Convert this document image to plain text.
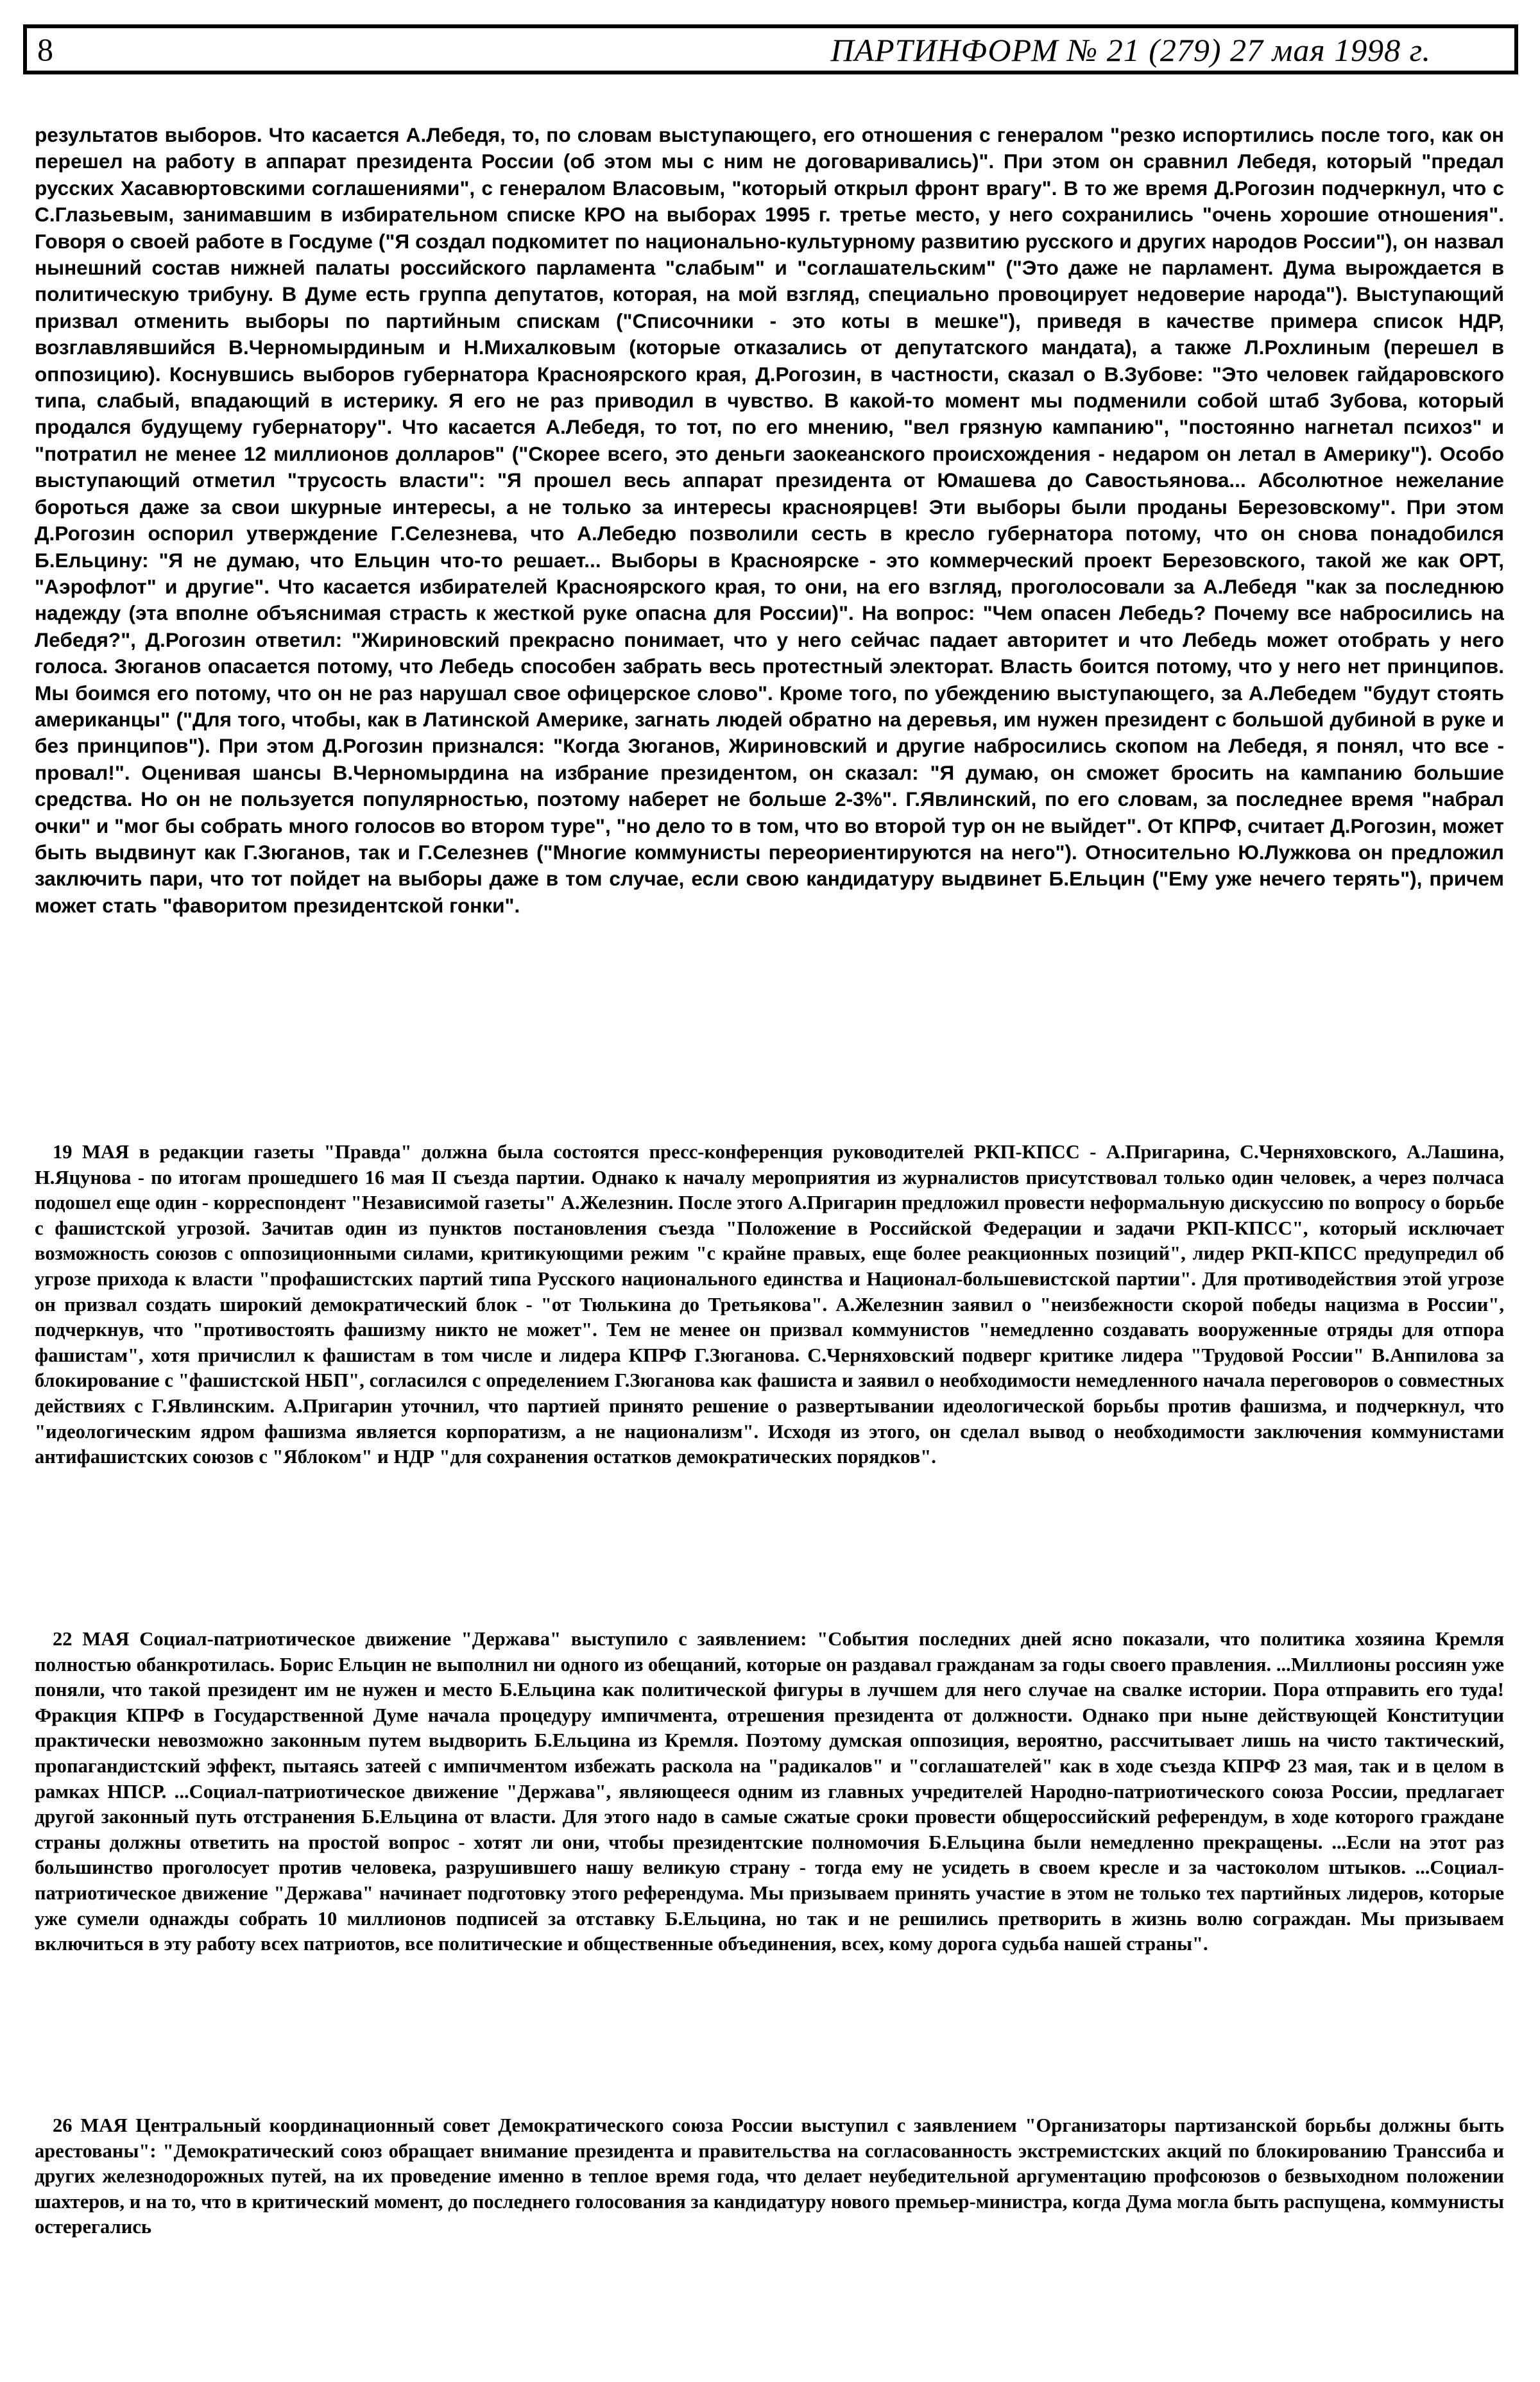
8	ПАРТИНФОРМ № 21 (279) 27 мая 1998 г.

результатов выборов. Что касается А.Лебедя, то, по словам выступающего, его отношения с генералом "резко испортились после того, как он перешел на работу в аппарат президента России (об этом мы с ним не договаривались)". При этом он сравнил Лебедя, который "предал русских Хасавюртовскими соглашениями", с генералом Власовым, "который открыл фронт врагу". В то же время Д.Рогозин подчеркнул, что с С.Глазьевым, занимавшим в избирательном списке КРО на выборах 1995 г. третье место, у него сохранились "очень хорошие отношения". Говоря о своей работе в Госдуме ("Я создал подкомитет по национально-культурному развитию русского и других народов России"), он назвал нынешний состав нижней палаты российского парламента "слабым" и "соглашательским" ("Это даже не парламент. Дума вырождается в политическую трибуну. В Думе есть группа депутатов, которая, на мой взгляд, специально провоцирует недоверие народа"). Выступающий призвал отменить выборы по партийным спискам ("Списочники - это коты в мешке"), приведя в качестве примера список НДР, возглавлявшийся В.Черномырдиным и Н.Михалковым (которые отказались от депутатского мандата), а также Л.Рохлиным (перешел в оппозицию). Коснувшись выборов губернатора Красноярского края, Д.Рогозин, в частности, сказал о В.Зубове: "Это человек гайдаровского типа, слабый, впадающий в истерику. Я его не раз приводил в чувство. В какой-то момент мы подменили собой штаб Зубова, который продался будущему губернатору". Что касается А.Лебедя, то тот, по его мнению, "вел грязную кампанию", "постоянно нагнетал психоз" и "потратил не менее 12 миллионов долларов" ("Скорее всего, это деньги заокеанского происхождения - недаром он летал в Америку"). Особо выступающий отметил "трусость власти": "Я прошел весь аппарат президента от Юмашева до Савостьянова... Абсолютное нежелание бороться даже за свои шкурные интересы, а не только за интересы красноярцев! Эти выборы были проданы Березовскому". При этом Д.Рогозин оспорил утверждение Г.Селезнева, что А.Лебедю позволили сесть в кресло губернатора потому, что он снова понадобился Б.Ельцину: "Я не думаю, что Ельцин что-то решает... Выборы в Красноярске - это коммерческий проект Березовского, такой же как ОРТ, "Аэрофлот" и другие". Что касается избирателей Красноярского края, то они, на его взгляд, проголосовали за А.Лебедя "как за последнюю надежду (эта вполне объяснимая страсть к жесткой руке опасна для России)". На вопрос: "Чем опасен Лебедь? Почему все набросились на Лебедя?", Д.Рогозин ответил: "Жириновский прекрасно понимает, что у него сейчас падает авторитет и что Лебедь может отобрать у него голоса. Зюганов опасается потому, что Лебедь способен забрать весь протестный электорат. Власть боится потому, что у него нет принципов. Мы боимся его потому, что он не раз нарушал свое офицерское слово". Кроме того, по убеждению выступающего, за А.Лебедем "будут стоять американцы" ("Для того, чтобы, как в Латинской Америке, загнать людей обратно на деревья, им нужен президент с большой дубиной в руке и без принципов"). При этом Д.Рогозин признался: "Когда Зюганов, Жириновский и другие набросились скопом на Лебедя, я понял, что все - провал!". Оценивая шансы В.Черномырдина на избрание президентом, он сказал: "Я думаю, он сможет бросить на кампанию большие средства. Но он не пользуется популярностью, поэтому наберет не больше 2-3%". Г.Явлинский, по его словам, за последнее время "набрал очки" и "мог бы собрать много голосов во втором туре", "но дело то в том, что во второй тур он не выйдет". От КПРФ, считает Д.Рогозин, может быть выдвинут как Г.Зюганов, так и Г.Селезнев ("Многие коммунисты переориентируются на него"). Относительно Ю.Лужкова он предложил заключить пари, что тот пойдет на выборы даже в том случае, если свою кандидатуру выдвинет Б.Ельцин ("Ему уже нечего терять"), причем может стать "фаворитом президентской гонки".

19 МАЯ в редакции газеты "Правда" должна была состоятся пресс-конференция руководителей РКП-КПСС - А.Пригарина, С.Черняховского, А.Лашина, Н.Яцунова - по итогам прошедшего 16 мая II съезда партии. Однако к началу мероприятия из журналистов присутствовал только один человек, а через полчаса подошел еще один - корреспондент "Независимой газеты" А.Железнин. После этого А.Пригарин предложил провести неформальную дискуссию по вопросу о борьбе с фашистской угрозой. Зачитав один из пунктов постановления съезда "Положение в Российской Федерации и задачи РКП-КПСС", который исключает возможность союзов с оппозиционными силами, критикующими режим "с крайне правых, еще более реакционных позиций", лидер РКП-КПСС предупредил об угрозе прихода к власти "профашистских партий типа Русского национального единства и Национал-большевистской партии". Для противодействия этой угрозе он призвал создать широкий демократический блок - "от Тюлькина до Третьякова". А.Железнин заявил о "неизбежности скорой победы нацизма в России", подчеркнув, что "противостоять фашизму никто не может". Тем не менее он призвал коммунистов "немедленно создавать вооруженные отряды для отпора фашистам", хотя причислил к фашистам в том числе и лидера КПРФ Г.Зюганова. С.Черняховский подверг критике лидера "Трудовой России" В.Анпилова за блокирование с "фашистской НБП", согласился с определением Г.Зюганова как фашиста и заявил о необходимости немедленного начала переговоров о совместных действиях с Г.Явлинским. А.Пригарин уточнил, что партией принято решение о развертывании идеологической борьбы против фашизма, и подчеркнул, что "идеологическим ядром фашизма является корпоратизм, а не национализм". Исходя из этого, он сделал вывод о необходимости заключения коммунистами антифашистских союзов с "Яблоком" и НДР "для сохранения остатков демократических порядков".

22 МАЯ Социал-патриотическое движение "Держава" выступило с заявлением: "События последних дней ясно показали, что политика хозяина Кремля полностью обанкротилась. Борис Ельцин не выполнил ни одного из обещаний, которые он раздавал гражданам за годы своего правления. ...Миллионы россиян уже поняли, что такой президент им не нужен и место Б.Ельцина как политической фигуры в лучшем для него случае на свалке истории. Пора отправить его туда! Фракция КПРФ в Государственной Думе начала процедуру импичмента, отрешения президента от должности. Однако при ныне действующей Конституции практически невозможно законным путем выдворить Б.Ельцина из Кремля. Поэтому думская оппозиция, вероятно, рассчитывает лишь на чисто тактический, пропагандистский эффект, пытаясь затеей с импичментом избежать раскола на "радикалов" и "соглашателей" как в ходе съезда КПРФ 23 мая, так и в целом в рамках НПСР. ...Социал-патриотическое движение "Держава", являющееся одним из главных учредителей Народно-патриотического союза России, предлагает другой законный путь отстранения Б.Ельцина от власти. Для этого надо в самые сжатые сроки провести общероссийский референдум, в ходе которого граждане страны должны ответить на простой вопрос - хотят ли они, чтобы президентские полномочия Б.Ельцина были немедленно прекращены. ...Если на этот раз большинство проголосует против человека, разрушившего нашу великую страну - тогда ему не усидеть в своем кресле и за частоколом штыков. ...Социал-патриотическое движение "Держава" начинает подготовку этого референдума. Мы призываем принять участие в этом не только тех партийных лидеров, которые уже сумели однажды собрать 10 миллионов подписей за отставку Б.Ельцина, но так и не решились претворить в жизнь волю сограждан. Мы призываем включиться в эту работу всех патриотов, все политические и общественные объединения, всех, кому дорога судьба нашей страны".

26 МАЯ Центральный координационный совет Демократического союза России выступил с заявлением "Организаторы партизанской борьбы должны быть арестованы": "Демократический союз обращает внимание президента и правительства на согласованность экстремистских акций по блокированию Транссиба и других железнодорожных путей, на их проведение именно в теплое время года, что делает неубедительной аргументацию профсоюзов о безвыходном положении шахтеров, и на то, что в критический момент, до последнего голосования за кандидатуру нового премьер-министра, когда Дума могла быть распущена, коммунисты остерегались
